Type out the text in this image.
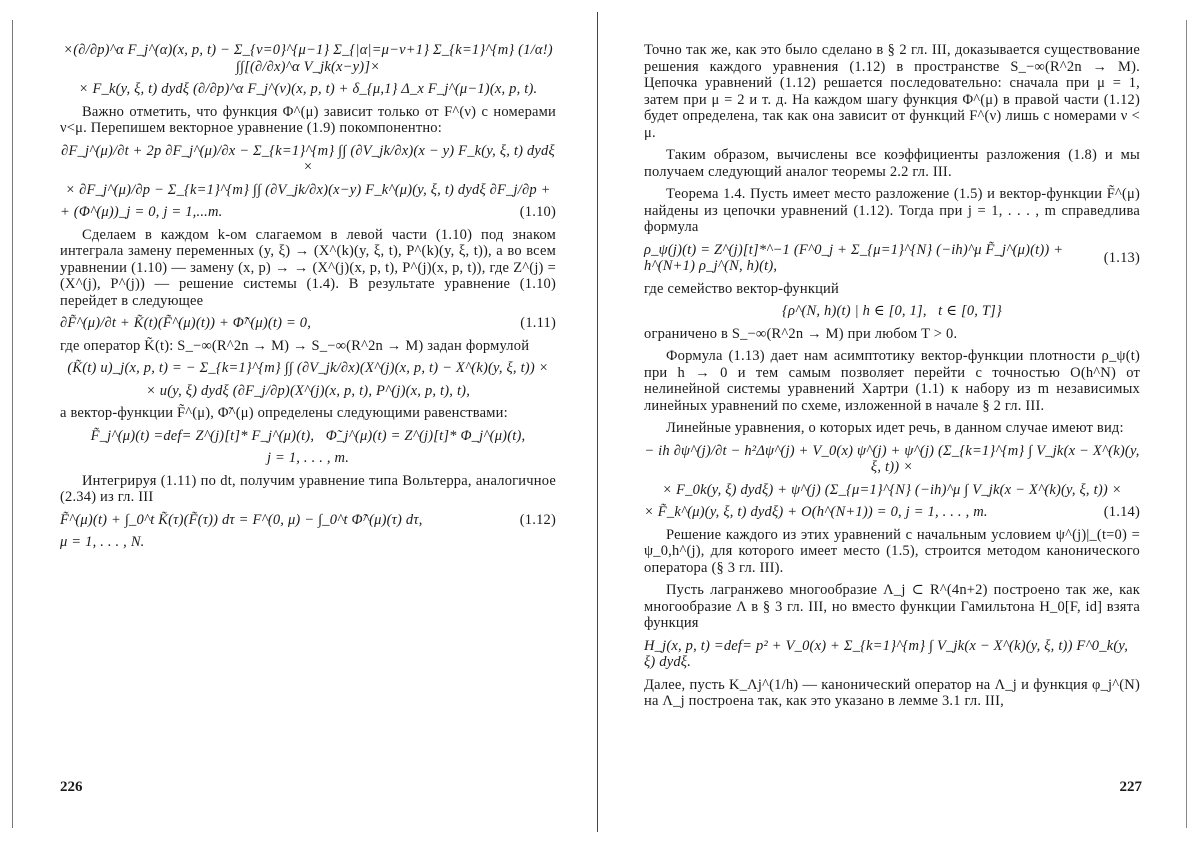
×(∂/∂p)^α F_j^(α)(x, p, t) − Σ_{ν=0}^{μ−1} Σ_{|α|=μ−ν+1} Σ_{k=1}^{m} (1/α!) ∫∫[(∂/∂x)^α V_jk(x−y)]×
× F_k(y, ξ, t) dydξ (∂/∂p)^α F_j^(ν)(x, p, t) + δ_{μ,1} Δ_x F_j^(μ−1)(x, p, t).
Важно отметить, что функция Φ^(μ) зависит только от F^(ν) с номерами ν<μ. Перепишем векторное уравнение (1.9) покомпонентно:
∂F_j^(μ)/∂t + 2p ∂F_j^(μ)/∂x − Σ_{k=1}^{m} ∫∫ (∂V_jk/∂x)(x − y) F_k(y, ξ, t) dydξ ×
× ∂F_j^(μ)/∂p − Σ_{k=1}^{m} ∫∫ (∂V_jk/∂x)(x−y) F_k^(μ)(y, ξ, t) dydξ ∂F_j/∂p +
+ (Φ^(μ))_j = 0, j = 1,...m.	(1.10)
Сделаем в каждом k-ом слагаемом в левой части (1.10) под знаком интеграла замену переменных (y, ξ) → (X^(k)(y, ξ, t), P^(k)(y, ξ, t)), а во всем уравнении (1.10) — замену (x, p) → → (X^(j)(x, p, t), P^(j)(x, p, t)), где Z^(j) = (X^(j), P^(j)) — решение системы (1.4). В результате уравнение (1.10) перейдет в следующее
∂F̃^(μ)/∂t + K̃(t)(F̃^(μ)(t)) + Φ̃^(μ)(t) = 0,	(1.11)
где оператор K̃(t): S_−∞(R^2n → M) → S_−∞(R^2n → M) задан формулой
(K̃(t) u)_j(x, p, t) = − Σ_{k=1}^{m} ∫∫ (∂V_jk/∂x)(X^(j)(x, p, t) − X^(k)(y, ξ, t)) ×
× u(y, ξ) dydξ (∂F_j/∂p)(X^(j)(x, p, t), P^(j)(x, p, t), t),
а вектор-функции F̃^(μ), Φ̃^(μ) определены следующими равенствами:
F̃_j^(μ)(t) =def= Z^(j)[t]* F_j^(μ)(t),   Φ̃_j^(μ)(t) = Z^(j)[t]* Φ_j^(μ)(t),
j = 1, . . . , m.
Интегрируя (1.11) по dt, получим уравнение типа Вольтерра, аналогичное (2.34) из гл. III
F̃^(μ)(t) + ∫_0^t K̃(τ)(F̃(τ)) dτ = F^(0, μ) − ∫_0^t Φ̃^(μ)(τ) dτ,	(1.12)
μ = 1, . . . , N.
Точно так же, как это было сделано в § 2 гл. III, доказывается существование решения каждого уравнения (1.12) в пространстве S_−∞(R^2n → M). Цепочка уравнений (1.12) решается последовательно: сначала при μ = 1, затем при μ = 2 и т. д. На каждом шагу функция Φ^(μ) в правой части (1.12) будет определена, так как она зависит от функций F^(ν) лишь с номерами ν < μ.
Таким образом, вычислены все коэффициенты разложения (1.8) и мы получаем следующий аналог теоремы 2.2 гл. III.
Теорема 1.4. Пусть имеет место разложение (1.5) и вектор-функции F̃^(μ) найдены из цепочки уравнений (1.12). Тогда при j = 1, . . . , m справедлива формула
ρ_ψ(j)(t) = Z^(j)[t]*^−1 (F^0_j + Σ_{μ=1}^{N} (−ih)^μ F̃_j^(μ)(t)) + h^(N+1) ρ_j^(N, h)(t),
(1.13)
где семейство вектор-функций
{ρ^(N, h)(t) | h ∈ [0, 1],   t ∈ [0, T]}
ограничено в S_−∞(R^2n → M) при любом T > 0.
Формула (1.13) дает нам асимптотику вектор-функции плотности ρ_ψ(t) при h → 0 и тем самым позволяет перейти с точностью O(h^N) от нелинейной системы уравнений Хартри (1.1) к набору из m независимых линейных уравнений по схеме, изложенной в начале § 2 гл. III.
Линейные уравнения, о которых идет речь, в данном случае имеют вид:
− ih ∂ψ^(j)/∂t − h²Δψ^(j) + V_0(x) ψ^(j) + ψ^(j) (Σ_{k=1}^{m} ∫ V_jk(x − X^(k)(y, ξ, t)) ×
× F_0k(y, ξ) dydξ) + ψ^(j) (Σ_{μ=1}^{N} (−ih)^μ ∫ V_jk(x − X^(k)(y, ξ, t)) ×
× F̃_k^(μ)(y, ξ, t) dydξ) + O(h^(N+1)) = 0, j = 1, . . . , m.	(1.14)
Решение каждого из этих уравнений с начальным условием ψ^(j)|_(t=0) = ψ_0,h^(j), для которого имеет место (1.5), строится методом канонического оператора (§ 3 гл. III).
Пусть лагранжево многообразие Λ_j ⊂ R^(4n+2) построено так же, как многообразие Λ в § 3 гл. III, но вместо функции Гамильтона H_0[F, id] взята функция
H_j(x, p, t) =def= p² + V_0(x) + Σ_{k=1}^{m} ∫ V_jk(x − X^(k)(y, ξ, t)) F^0_k(y, ξ) dydξ.
Далее, пусть K_Λj^(1/h) — канонический оператор на Λ_j и функция φ_j^(N) на Λ_j построена так, как это указано в лемме 3.1 гл. III,
226	227
